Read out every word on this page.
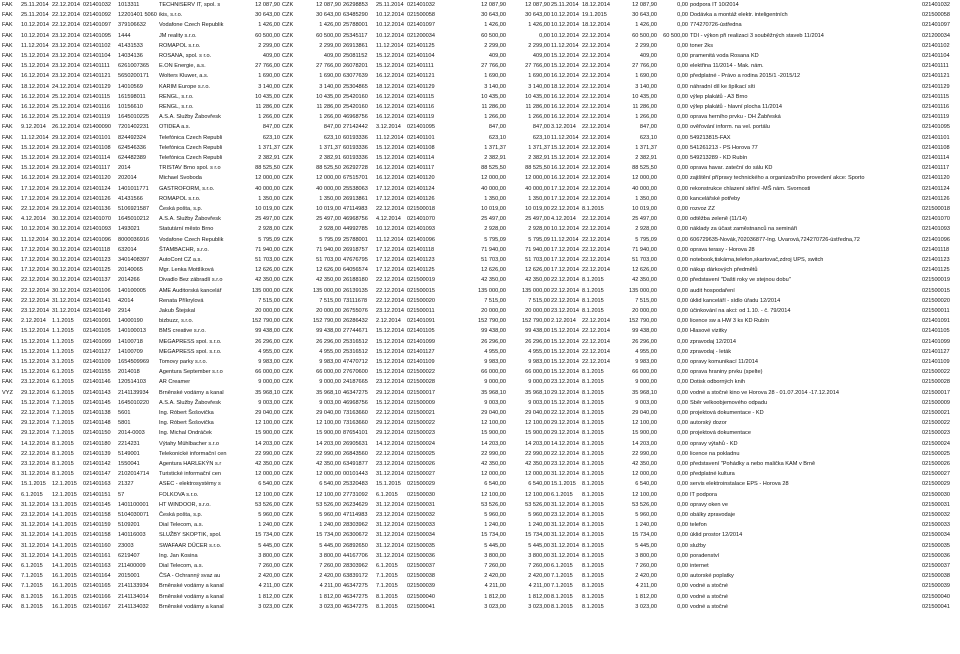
FAK	25.11.2014 22.12.2014 021401032	1013311	TECHNISERV IT, spol. s	12 087,90 CZK	12 087,90 26298853	25.11.2014 021401032	12 087,90	12 087,90 25.11.2014 18.12.2014	12 087,90	0,00 podpora IT 10/2014	021401032
FAK	25.11.2014 22.12.2014 021401092	12201401 5060 ikis, s.r.o.	30 643,00 CZK	30 643,00 63485290	10.12.2014 021500058	30 643,00	30 643,00 10.12.2014 19.1.2015	30 643,00	0,00 Dodávka a montáž elektr. inteligentních	021500058
FAK	10.12.2014 22.12.2014 021401097	379106632	Vodafone Czech Republik	1 426,00 CZK	1 426,00 25788001	10.12.2014 021401097	1 426,00	1 426,00 10.12.2014 18.12.2014	1 426,00	0,00 774270726-ústředna	021401097
FAK	10.12.2014 23.12.2014 021401095	1444	JM reality s.r.o.	60 500,00 CZK	60 500,00 25345117	10.12.2014 021200034	60 500,00	0,00 10.12.2014 22.12.2014	60 500,00	60 500,00 TDI - výkon při realizaci 3 souběžných staveb 11/2014	021200034
FAK	11.12.2014 23.12.2014 021401102	41431533	ROMAPOL s.r.o.	2 299,00 CZK	2 299,00 26913861	11.12.2014 021401125	2 299,00	2 299,00 11.12.2014 22.12.2014	2 299,00	0,00 toner 2ks	021401102
FAK	15.12.2014 23.12.2014 021401104	14034136	ROSANA, spol. s r.o.	409,00 CZK	409,00 25081152	15.12.2014 021401104	409,00	409,00 15.12.2014 22.12.2014	409,00	0,00 pramenitá voda Rosana KD	021401104
FAK	15.12.2014 23.12.2014 021401111	6261007365	E.ON Energie, a.s.	27 766,00 CZK	27 766,00 26078201	15.12.2014 021401111	27 766,00	27 766,00 15.12.2014 22.12.2014	27 766,00	0,00 elektřina 11/2014 - Mak. nám.	021401111
FAK	16.12.2014 23.12.2014 021401121	5650200171	Wolters Kluwer, a.s.	1 690,00 CZK	1 690,00 63077639	16.12.2014 021401121	1 690,00	1 690,00 16.12.2014 22.12.2014	1 690,00	0,00 předplatné - Právo a rodina 2015/1 -2015/12	021401121
FAK	18.12.2014 24.12.2014 021401129	14010569	KARIM Europe s.r.o.	3 140,00 CZK	3 140,00 25304865	18.12.2014 021401129	3 140,00	3 140,00 18.12.2014 22.12.2014	3 140,00	0,00 náhradní díl ke špíkací síti	021401129
FAK	16.12.2014 25.12.2014 021401115	161598011	RENGL, s.r.o.	10 435,00 CZK	10 435,00 25420160	16.12.2014 021401115	10 435,00	10 435,00 16.12.2014 22.12.2014	10 435,00	0,00 výlep plakátů - A3 Brno	021401115
FAK	16.12.2014 25.12.2014 021401116	10156610	RENGL, s.r.o.	11 286,00 CZK	11 286,00 25420160	16.12.2014 021401116	11 286,00	11 286,00 16.12.2014 22.12.2014	11 286,00	0,00 výlep plakátů - hlavní plocha 11/2014	021401116
FAK	16.12.2014 25.12.2014 021401119	1645010225	A.S.A. Služby Žabovřesk	1 266,00 CZK	1 266,00 46968756	16.12.2014 021401119	1 266,00	1 266,00 16.12.2014 22.12.2014	1 266,00	0,00 oprava herního prvku - DH Žabřeská	021401119
FAK	9.12.2014	26.12.2014 021400090	7201402231	OTIDEA a.s.	847,00 CZK	847,00 27142442	3.12.2014	021401095	847,00	847,00 3.12.2014	22.12.2014	847,00	0,00 ověřování inform. na vel. portálu	021401095
FAK	11.12.2014 29.12.2014 021401101	824492324	Telefónica Czech Republi	623,10 CZK	623,10 60193336	11.12.2014 021401101	623,10	623,10 11.12.2014 22.12.2014	623,10	0,00 549213815-FAX	021401101
FAK	15.12.2014 29.12.2014 021401108	624546336	Telefónica Czech Republi	1 371,37 CZK	1 371,37 60193336	15.12.2014 021401108	1 371,37	1 371,37 15.12.2014 22.12.2014	1 371,37	0,00 541261213 - PS Horova 77	021401108
FAK	15.12.2014 29.12.2014 021401114	624482389	Telefónica Czech Republi	2 382,91 CZK	2 382,91 60193336	15.12.2014 021401114	2 382,91	2 382,91 15.12.2014 22.12.2014	2 382,91	0,00 549213289 - KD Rubín	021401114
FAK	15.12.2014 29.12.2014 021401117	2014	TRISTAV Brno spol. s r.o	88 525,50 CZK	88 525,50 26292728	16.12.2014 021401117	88 525,50	88 525,50 16.12.2014 22.12.2014	88 525,50	0,00 oprava havar. zateční do sálu KD	021401117
FAK	16.12.2014 29.12.2014 021401120	202014	Michael Svoboda	12 000,00 CZK	12 000,00 67515701	16.12.2014 021401120	12 000,00	12 000,00 16.12.2014 22.12.2014	12 000,00	0,00 zajištění přípravy technického a organizačního provedení akce: Sporto	021401120
FAK	17.12.2014 29.12.2014 021401124	1401011771	GASTROFORM, s.r.o.	40 000,00 CZK	40 000,00 25538063	17.12.2014 021401124	40 000,00	40 000,00 17.12.2014 22.12.2014	40 000,00	0,00 rekonstrukce chlazení skříní -MŠ nám. Svornosti	021401124
FAK	17.12.2014 29.12.2014 021401126	41431566	ROMAPOL s.r.o.	1 350,00 CZK	1 350,00 26913861	17.12.2014 021401126	1 350,00	1 350,00 17.12.2014 22.12.2014	1 350,00	0,00 kancelářské potřeby	021401126
FAK	22.12.2014 29.12.2014 021401136	5106921587	Česká pošta, s.p.	10 019,00 CZK	10 019,00 47114983	22.12.2014 021500018	10 019,00	10 019,00 22.12.2014 8.1.2015	10 019,00	0,00 rozvoz ZZ	021500018
FAK	4.12.2014	30.12.2014 021401070	1645010212	A.S.A. Služby Žabovřesk	25 497,00 CZK	25 497,00 46968756	4.12.2014	021401070	25 497,00	25 497,00 4.12.2014	22.12.2014	25 497,00	0,00 odtěžba zeleně (11/14)	021401070
FAK	10.12.2014 30.12.2014 021401093	1493021	Statutární město Brno	2 928,00 CZK	2 928,00 44992785	10.12.2014 021401093	2 928,00	2 928,00 10.12.2014 22.12.2014	2 928,00	0,00 náklady za účast zaměstnanců na semináři	021401093
FAK	11.12.2014 30.12.2014 021401096	8000036916	Vodafone Czech Republik	5 795,09 CZK	5 795,09 25788001	11.12.2014 021401096	5 795,09	5 795,09 11.12.2014 22.12.2014	5 795,09	0,00 606729635-Novák,702036877-Ing. Uvarová,724270726-ústředna,72	021401096
FAK	17.12.2014 30.12.2014 021401118	632014	ŠTAMBACHR, s.r.o.	71 940,00 CZK	71 940,00 26918757	17.12.2014 021401118	71 940,00	71 940,00 17.12.2014 22.12.2014	71 940,00	0,00 oprava terasy - Horova 28	021401118
FAK	17.12.2014 30.12.2014 021401123	3401408397	AutoCont CZ a.s.	51 703,00 CZK	51 703,00 47676795	17.12.2014 021401123	51 703,00	51 703,00 17.12.2014 22.12.2014	51 703,00	0,00 notebook,tiskárna,telefon,skartovač,zdroj UPS, switch	021401123
FAK	17.12.2014 30.12.2014 021401125	20140065	Mgr. Lenka Mottlíková	12 626,00 CZK	12 626,00 64056574	17.12.2014 021401125	12 626,00	12 626,00 17.12.2014 22.12.2014	12 626,00	0,00 nákup dárkových předmětů	021401125
FAK	22.12.2014 30.12.2014 021401137	2014266	Divadlo Bez zábradlí s.r.o	42 350,00 CZK	42 350,00 26188180	22.12.2014 021500019	42 350,00	42 350,00 22.12.2014 8.1.2015	42 350,00	0,00 představení "Dašti roky ve stejnou dobu"	021500019
FAK	22.12.2014 30.12.2014 021401106	140100005	AME Auditorská kancelář	135 000,00 CZK	135 000,00 26139135	22.12.2014 021500015	135 000,00	135 000,00 22.12.2014 8.1.2015	135 000,00	0,00 audit hospodaření	021500015
FAK	22.12.2014 31.12.2014 021401141	42014	Renata Příkrylová	7 515,00 CZK	7 515,00 73111678	22.12.2014 021500020	7 515,00	7 515,00 22.12.2014 8.1.2015	7 515,00	0,00 úklid kanceláří - sídlo úřadu 12/2014	021500020
FAK	23.12.2014 31.12.2014 021401149	2914	Jakub Štejskal	20 000,00 CZK	20 000,00 26755076	23.12.2014 021500011	20 000,00	20 000,00 23.12.2014 8.1.2015	20 000,00	0,00 účinkování na akci: od 1.10. - č. 79/2014	021500011
FAK	2.12.2014	1.1.2015	021401091	14000190	bizbuzz, s.r.o.	152 790,00 CZK	152 790,00 26286432	2.12.2014	021401091	152 790,00	152 790,00 2.12.2014	22.12.2014	152 790,00	0,00 licence sw a HW 3 ks KD Rubín	021401091
FAK	15.12.2014 1.1.2015	021401105	140100013	BMS creative s.r.o.	99 438,00 CZK	99 438,00 27744671	15.12.2014 021401105	99 438,00	99 438,00 15.12.2014 22.12.2014	99 438,00	0,00 Hlasové vizitky	021401105
FAK	15.12.2014 1.1.2015	021401099	14100718	MEGAPRESS spol. s.r.o.	26 296,00 CZK	26 296,00 25316512	15.12.2014 021401099	26 296,00	26 296,00 15.12.2014 22.12.2014	26 296,00	0,00 zpravodaj 12/2014	021401099
FAK	15.12.2014 1.1.2015	021401127	14100709	MEGAPRESS spol. s.r.o.	4 955,00 CZK	4 955,00 25316512	15.12.2014 021401127	4 955,00	4 955,00 15.12.2014 22.12.2014	4 955,00	0,00 zpravodaj - leták	021401127
FAK	15.12.2014 3.1.2015	021401109	1654509969	Tomovy parky s.r.o.	9 983,00 CZK	9 983,00 47470712	15.12.2014 021401109	9 983,00	9 983,00 15.12.2014 22.12.2014	9 983,00	0,00 opravy komunikací 11/2014	021401109
FAK	15.12.2014 6.1.2015	021401155	2014018	Agentura September s.r.o	66 000,00 CZK	66 000,00 27670600	15.12.2014 021500022	66 000,00	66 000,00 15.12.2014 8.1.2015	66 000,00	0,00 oprava hraniny prvku (spelte)	021500022
FAK	23.12.2014 6.1.2015	021401146	120514103	AR Creamer	9 000,00 CZK	9 000,00 24187665	23.12.2014 021500028	9 000,00	9 000,00 23.12.2014 8.1.2015	9 000,00	0,00 Dotisk odborných knih	021500028
VYZ	29.12.2014 6.1.2015	021401143	2141139934	Brněnské vodárny a kanal	35 968,10 CZK	35 968,10 46347275	29.12.2014 021500017	35 968,10	35 968,10 29.12.2014 8.1.2015	35 968,10	0,00 vodné a stočné kino ve Horova 28 - 01.07.2014 -17.12.2014	021500017
FAK	15.12.2014 7.1.2015	021401145	1645010220	A.S.A. Služby Žabovřesk	9 003,00 CZK	9 003,00 46968756	15.12.2014 021500009	9 003,00	9 003,00 15.12.2014 8.1.2015	9 003,00	0,00 Sběr velkoobjemového odpadu	021500009
FAK	22.12.2014 7.1.2015	021401138	5601	Ing. Róbert Šošovička	29 040,00 CZK	29 040,00 73163660	22.12.2014 021500021	29 040,00	29 040,00 22.12.2014 8.1.2015	29 040,00	0,00 projektová dokumentace - KD	021500021
FAK	29.12.2014 7.1.2015	021401148	5801	Ing. Róbert Šošovička	12 100,00 CZK	12 100,00 73163660	29.12.2014 021500022	12 100,00	12 100,00 29.12.2014 8.1.2015	12 100,00	0,00 autorský dozor	021500022
FAK	29.12.2014 7.1.2015	021401150	2014-0003	Ing. Michal Ondráček	15 900,00 CZK	15 900,00 87654101	29.12.2014 021500023	15 900,00	15 900,00 29.12.2014 8.1.2015	15 900,00	0,00 projektová dokumentace	021500023
FAK	14.12.2014 8.1.2015	021401180	2214231	Výtahy Mühlbacher s.r.o	14 203,00 CZK	14 203,00 26905631	14.12.2014 021500024	14 203,00	14 203,00 14.12.2014 8.1.2015	14 203,00	0,00 opravy výtahů - KD	021500024
FAK	22.12.2014 8.1.2015	021401139	5149001	Telekonické informační cen	22 990,00 CZK	22 990,00 26843560	22.12.2014 021500025	22 990,00	22 990,00 22.12.2014 8.1.2015	22 990,00	0,00 licence na pokladnu	021500025
FAK	23.12.2014 8.1.2015	021401142	1550041	Agentura HARLEKÝN s.r	42 350,00 CZK	42 350,00 63491877	23.12.2014 021500026	42 350,00	42 350,00 23.12.2014 8.1.2015	42 350,00	0,00 představení "Pohádky a nebo malička KAM v Brně	021500026
FAK	31.12.2014 8.1.2015	021401147	2102014714	Turistické informační cen	12 000,00 CZK	12 000,00 00101443	31.12.2014 021500027	12 000,00	12 000,00 31.12.2014 8.1.2015	12 000,00	0,00 předplatné kultura	021500027
FAK	15.1.2015	12.1.2015	021401163	21327	ASEC - elektrosystémy s	6 540,00 CZK	6 540,00 25320483	15.1.2015	021500029	6 540,00	6 540,00 15.1.2015	8.1.2015	6 540,00	0,00 servis elektroinstalace EPS - Horova 28	021500029
FAK	6.1.2015	12.1.2015	021401151	57	FOLKOVA s.r.o.	12 100,00 CZK	12 100,00 27731092	6.1.2015	021500030	12 100,00	12 100,00 6.1.2015	8.1.2015	12 100,00	0,00 IT podpora	021500030
FAK	31.12.2014 13.1.2015	021401145	1401100001	HT WINDOOR, s.r.o.	53 526,00 CZK	53 526,00 26234629	31.12.2014 021500031	53 526,00	53 526,00 31.12.2014 8.1.2015	53 526,00	0,00 opravy oken ve	021500031
FAK	23.12.2014 14.1.2015	021401158	5104030071	Česká pošta, s.p.	5 960,00 CZK	5 960,00 47114983	23.12.2014 021500032	5 960,00	5 960,00 23.12.2014 8.1.2015	5 960,00	0,00 obálky zpravodaje	021500032
FAK	31.12.2014 14.1.2015	021401159	5109201	Dial Telecom, a.s.	1 240,00 CZK	1 240,00 28303962	31.12.2014 021500033	1 240,00	1 240,00 31.12.2014 8.1.2015	1 240,00	0,00 telefon	021500033
FAK	31.12.2014 14.1.2015	021401158	140116003	SLUŽBY SKOPTIK, spol.	15 734,00 CZK	15 734,00 26300672	31.12.2014 021500034	15 734,00	15 734,00 31.12.2014 8.1.2015	15 734,00	0,00 úklid prostor 12/2014	021500034
FAK	31.12.2014 14.1.2015	021401160	23003	SWAFAAR DÜCER s.r.o.	5 445,00 CZK	5 445,00 26892650	31.12.2014 021500035	5 445,00	5 445,00 31.12.2014 8.1.2015	5 445,00	0,00 služby	021500035
FAK	31.12.2014 14.1.2015	021401161	6219407	Ing. Jan Kosina	3 800,00 CZK	3 800,00 44167706	31.12.2014 021500036	3 800,00	3 800,00 31.12.2014 8.1.2015	3 800,00	0,00 poradenství	021500036
FAK	6.1.2015	14.1.2015	021401163	211400009	Dial Telecom, a.s.	7 260,00 CZK	7 260,00 28303962	6.1.2015	021500037	7 260,00	7 260,00 6.1.2015	8.1.2015	7 260,00	0,00 internet	021500037
FAK	7.1.2015	16.1.2015	021401164	2015001	ČSA - Ochranný svaz au	2 420,00 CZK	2 420,00 63839172	7.1.2015	021500038	2 420,00	2 420,00 7.1.2015	8.1.2015	2 420,00	0,00 autorské poplatky	021500038
FAK	7.1.2015	16.1.2015	021401165	2141133934	Brněnské vodárny a kanal	4 211,00 CZK	4 211,00 46347275	7.1.2015	021500039	4 211,00	4 211,00 7.1.2015	8.1.2015	4 211,00	0,00 vodné a stočné	021500039
FAK	8.1.2015	16.1.2015	021401166	2141134014	Brněnské vodárny a kanal	1 812,00 CZK	1 812,00 46347275	8.1.2015	021500040	1 812,00	1 812,00 8.1.2015	8.1.2015	1 812,00	0,00 vodné a stočné	021500040
FAK	8.1.2015	16.1.2015	021401167	2141134032	Brněnské vodárny a kanal	3 023,00 CZK	3 023,00 46347275	8.1.2015	021500041	3 023,00	3 023,00 8.1.2015	8.1.2015	3 023,00	0,00 vodné a stočné	021500041
